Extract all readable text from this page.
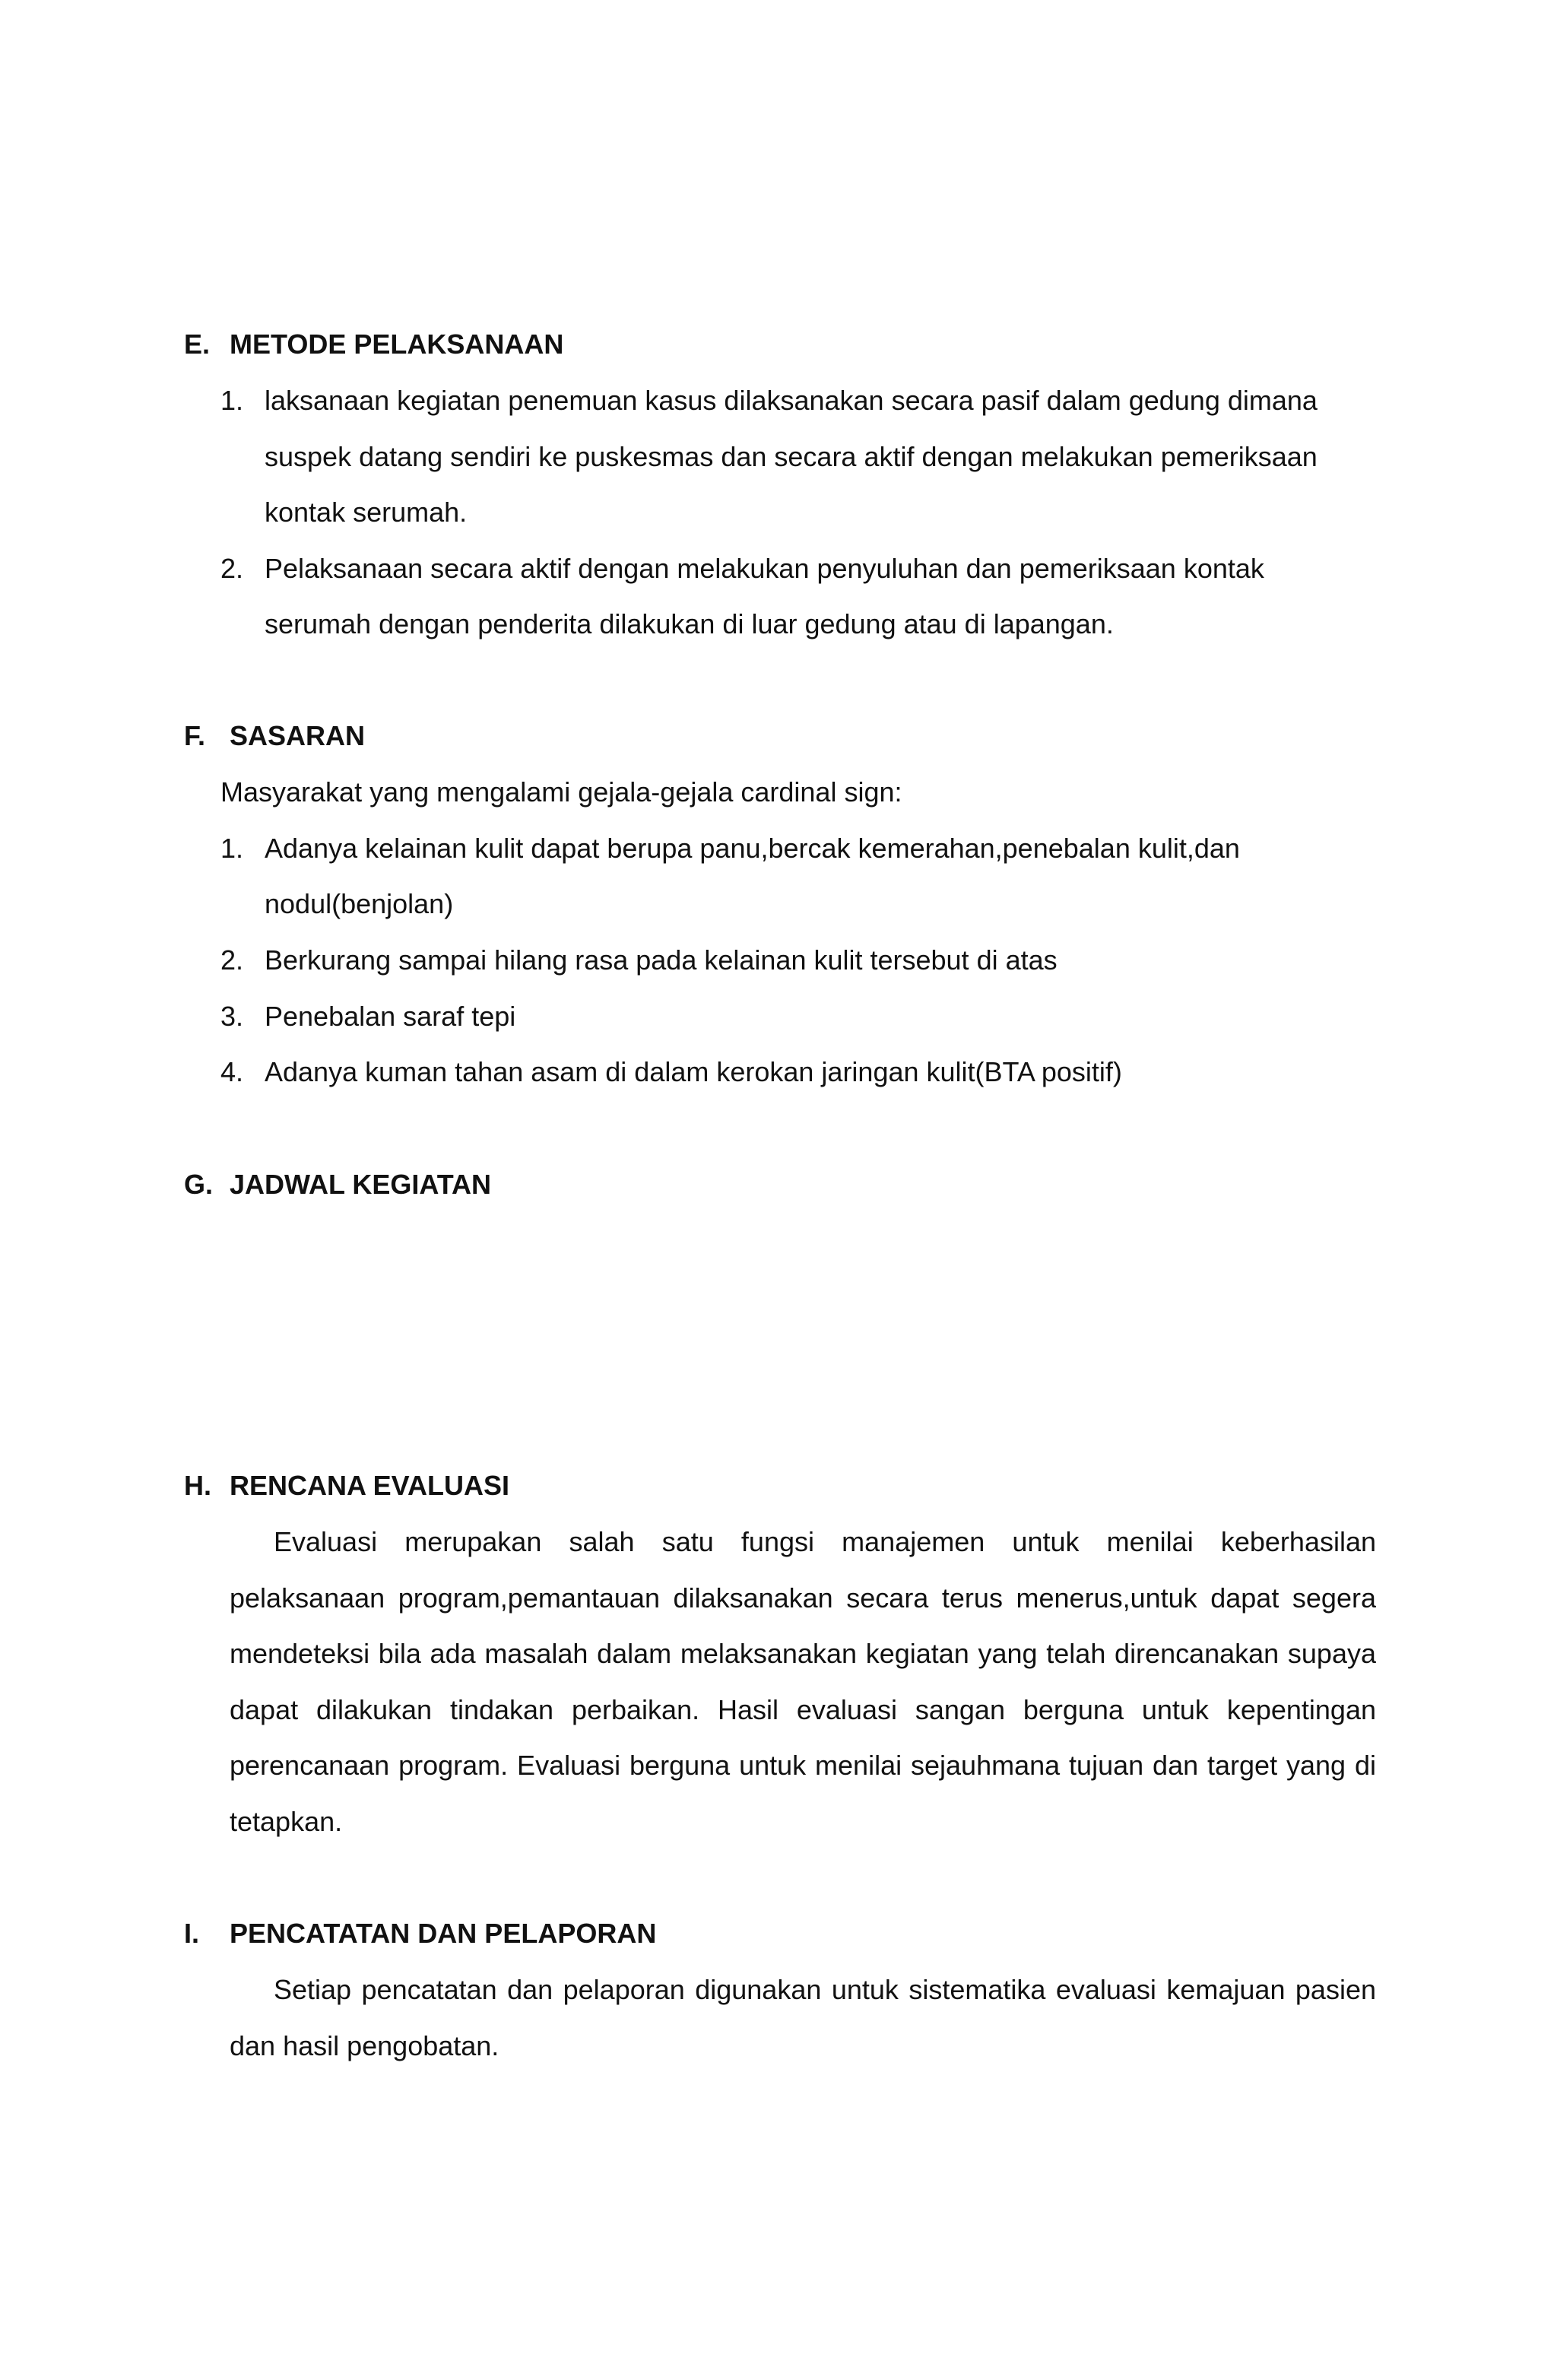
E. METODE PELAKSANAAN
1. laksanaan kegiatan penemuan kasus dilaksanakan secara pasif dalam gedung dimana
suspek datang sendiri ke puskesmas dan secara aktif dengan melakukan pemeriksaan
kontak serumah.
2. Pelaksanaan secara aktif dengan melakukan penyuluhan dan pemeriksaan kontak
serumah dengan penderita dilakukan di luar gedung atau di lapangan.
F. SASARAN
Masyarakat yang mengalami gejala-gejala cardinal sign:
1. Adanya kelainan kulit dapat berupa panu,bercak kemerahan,penebalan kulit,dan
nodul(benjolan)
2. Berkurang sampai hilang rasa pada kelainan kulit tersebut di atas
3. Penebalan saraf tepi
4. Adanya kuman tahan asam di dalam kerokan jaringan kulit(BTA positif)
G. JADWAL KEGIATAN
H. RENCANA EVALUASI

Evaluasi merupakan salah satu fungsi manajemen untuk menilai keberhasilan pelaksanaan program,pemantauan dilaksanakan secara terus menerus,untuk dapat segera mendeteksi bila ada masalah dalam melaksanakan kegiatan yang telah direncanakan supaya dapat dilakukan tindakan perbaikan. Hasil evaluasi sangan berguna untuk kepentingan perencanaan program. Evaluasi berguna untuk menilai sejauhmana tujuan dan target yang di tetapkan.

I. PENCATATAN DAN PELAPORAN

Setiap pencatatan dan pelaporan digunakan untuk sistematika evaluasi kemajuan pasien dan hasil pengobatan.
